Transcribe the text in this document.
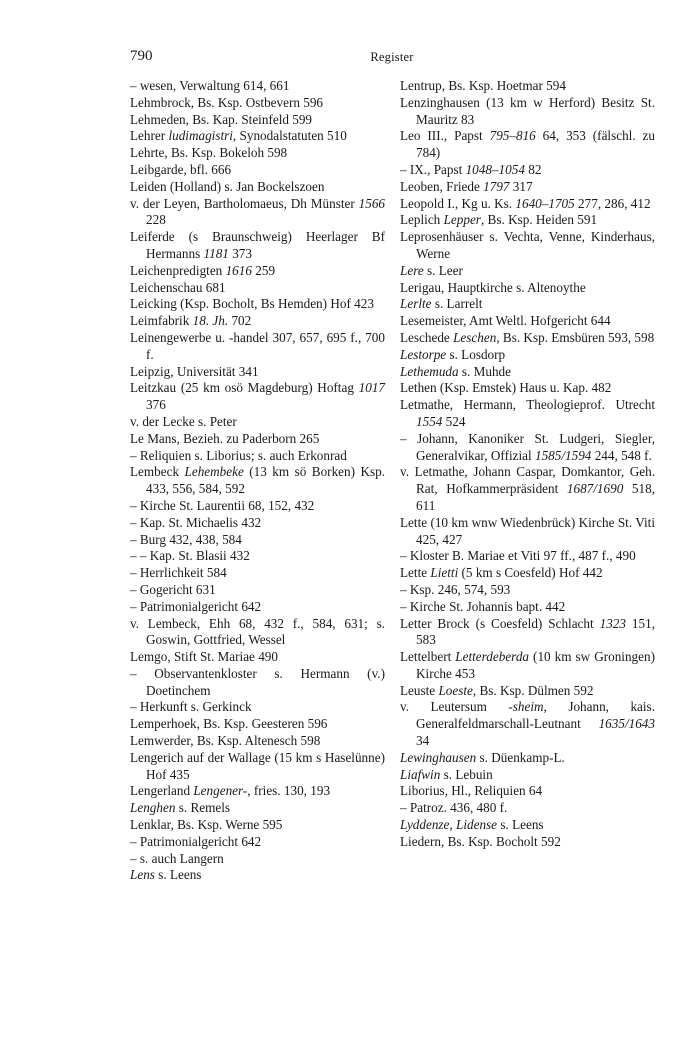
790	Register
– wesen, Verwaltung 614, 661
Lehmbrock, Bs. Ksp. Ostbevern 596
Lehmeden, Bs. Kap. Steinfeld 599
Lehrer ludimagistri, Synodalstatuten 510
Lehrte, Bs. Ksp. Bokeloh 598
Leibgarde, bfl. 666
Leiden (Holland) s. Jan Bockelszoen
v. der Leyen, Bartholomaeus, Dh Münster 1566 228
Leiferde (s Braunschweig) Heerlager Bf Hermanns 1181 373
Leichenpredigten 1616 259
Leichenschau 681
Leicking (Ksp. Bocholt, Bs Hemden) Hof 423
Leimfabrik 18. Jh. 702
Leinengewerbe u. -handel 307, 657, 695 f., 700 f.
Leipzig, Universität 341
Leitzkau (25 km osö Magdeburg) Hoftag 1017 376
v. der Lecke s. Peter
Le Mans, Bezieh. zu Paderborn 265
– Reliquien s. Liborius; s. auch Erkonrad
Lembeck Lehembeke (13 km sö Borken) Ksp. 433, 556, 584, 592
– Kirche St. Laurentii 68, 152, 432
– Kap. St. Michaelis 432
– Burg 432, 438, 584
– – Kap. St. Blasii 432
– Herrlichkeit 584
– Gogericht 631
– Patrimonialgericht 642
v. Lembeck, Ehh 68, 432 f., 584, 631; s. Goswin, Gottfried, Wessel
Lemgo, Stift St. Mariae 490
– Observantenkloster s. Hermann (v.) Doetinchem
– Herkunft s. Gerkinck
Lemperhoek, Bs. Ksp. Geesteren 596
Lemwerder, Bs. Ksp. Altenesch 598
Lengerich auf der Wallage (15 km s Haselünne) Hof 435
Lengerland Lengener-, fries. 130, 193
Lenghen s. Remels
Lenklar, Bs. Ksp. Werne 595
– Patrimonialgericht 642
– s. auch Langern
Lens s. Leens
Lentrup, Bs. Ksp. Hoetmar 594
Lenzinghausen (13 km w Herford) Besitz St. Mauritz 83
Leo III., Papst 795–816 64, 353 (fälschl. zu 784)
– IX., Papst 1048–1054 82
Leoben, Friede 1797 317
Leopold I., Kg u. Ks. 1640–1705 277, 286, 412
Leplich Lepper, Bs. Ksp. Heiden 591
Leprosenhäuser s. Vechta, Venne, Kinderhaus, Werne
Lere s. Leer
Lerigau, Hauptkirche s. Altenoythe
Lerlte s. Larrelt
Lesemeister, Amt Weltl. Hofgericht 644
Leschede Leschen, Bs. Ksp. Emsbüren 593, 598
Lestorpe s. Losdorp
Lethemuda s. Muhde
Lethen (Ksp. Emstek) Haus u. Kap. 482
Letmathe, Hermann, Theologieprof. Utrecht 1554 524
– Johann, Kanoniker St. Ludgeri, Siegler, Generalvikar, Offizial 1585/1594 244, 548 f.
v. Letmathe, Johann Caspar, Domkantor, Geh. Rat, Hofkammerpräsident 1687/1690 518, 611
Lette (10 km wnw Wiedenbrück) Kirche St. Viti 425, 427
– Kloster B. Mariae et Viti 97 ff., 487 f., 490
Lette Lietti (5 km s Coesfeld) Hof 442
– Ksp. 246, 574, 593
– Kirche St. Johannis bapt. 442
Letter Brock (s Coesfeld) Schlacht 1323 151, 583
Lettelbert Letterdeberda (10 km sw Groningen) Kirche 453
Leuste Loeste, Bs. Ksp. Dülmen 592
v. Leutersum -sheim, Johann, kais. Generalfeldmarschall-Leutnant 1635/1643 34
Lewinghausen s. Düenkamp-L.
Liafwin s. Lebuin
Liborius, Hl., Reliquien 64
– Patroz. 436, 480 f.
Lyddenze, Lidense s. Leens
Liedern, Bs. Ksp. Bocholt 592
